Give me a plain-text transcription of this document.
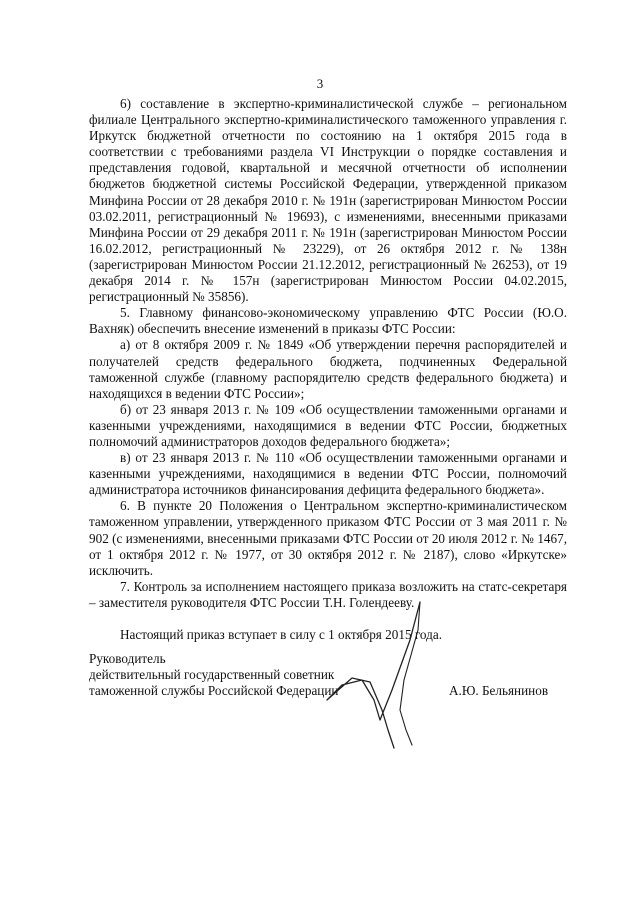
3

6) составление в экспертно-криминалистической службе – региональном филиале Центрального экспертно-криминалистического таможенного управления г. Иркутск бюджетной отчетности по состоянию на 1 октября 2015 года в соответствии с требованиями раздела VI Инструкции о порядке составления и представления годовой, квартальной и месячной отчетности об исполнении бюджетов бюджетной системы Российской Федерации, утвержденной приказом Минфина России от 28 декабря 2010 г. № 191н (зарегистрирован Минюстом России 03.02.2011, регистрационный № 19693), с изменениями, внесенными приказами Минфина России от 29 декабря 2011 г. № 191н (зарегистрирован Минюстом России 16.02.2012, регистрационный № 23229), от 26 октября 2012 г. № 138н (зарегистрирован Минюстом России 21.12.2012, регистрационный № 26253), от 19 декабря 2014 г. № 157н (зарегистрирован Минюстом России 04.02.2015, регистрационный № 35856).

5. Главному финансово-экономическому управлению ФТС России (Ю.О. Вахняк) обеспечить внесение изменений в приказы ФТС России:

а) от 8 октября 2009 г. № 1849 «Об утверждении перечня распорядителей и получателей средств федерального бюджета, подчиненных Федеральной таможенной службе (главному распорядителю средств федерального бюджета) и находящихся в ведении ФТС России»;

б) от 23 января 2013 г. № 109 «Об осуществлении таможенными органами и казенными учреждениями, находящимися в ведении ФТС России, бюджетных полномочий администраторов доходов федерального бюджета»;

в) от 23 января 2013 г. № 110 «Об осуществлении таможенными органами и казенными учреждениями, находящимися в ведении ФТС России, полномочий администратора источников финансирования дефицита федерального бюджета».

6. В пункте 20 Положения о Центральном экспертно-криминалистическом таможенном управлении, утвержденного приказом ФТС России от 3 мая 2011 г. № 902 (с изменениями, внесенными приказами ФТС России от 20 июля 2012 г. № 1467, от 1 октября 2012 г. № 1977, от 30 октября 2012 г. № 2187), слово «Иркутске» исключить.

7. Контроль за исполнением настоящего приказа возложить на статс-секретаря – заместителя руководителя ФТС России Т.Н. Голендееву.

Настоящий приказ вступает в силу с 1 октября 2015 года.

Руководитель
действительный государственный советник
таможенной службы Российской Федерации	А.Ю. Бельянинов
